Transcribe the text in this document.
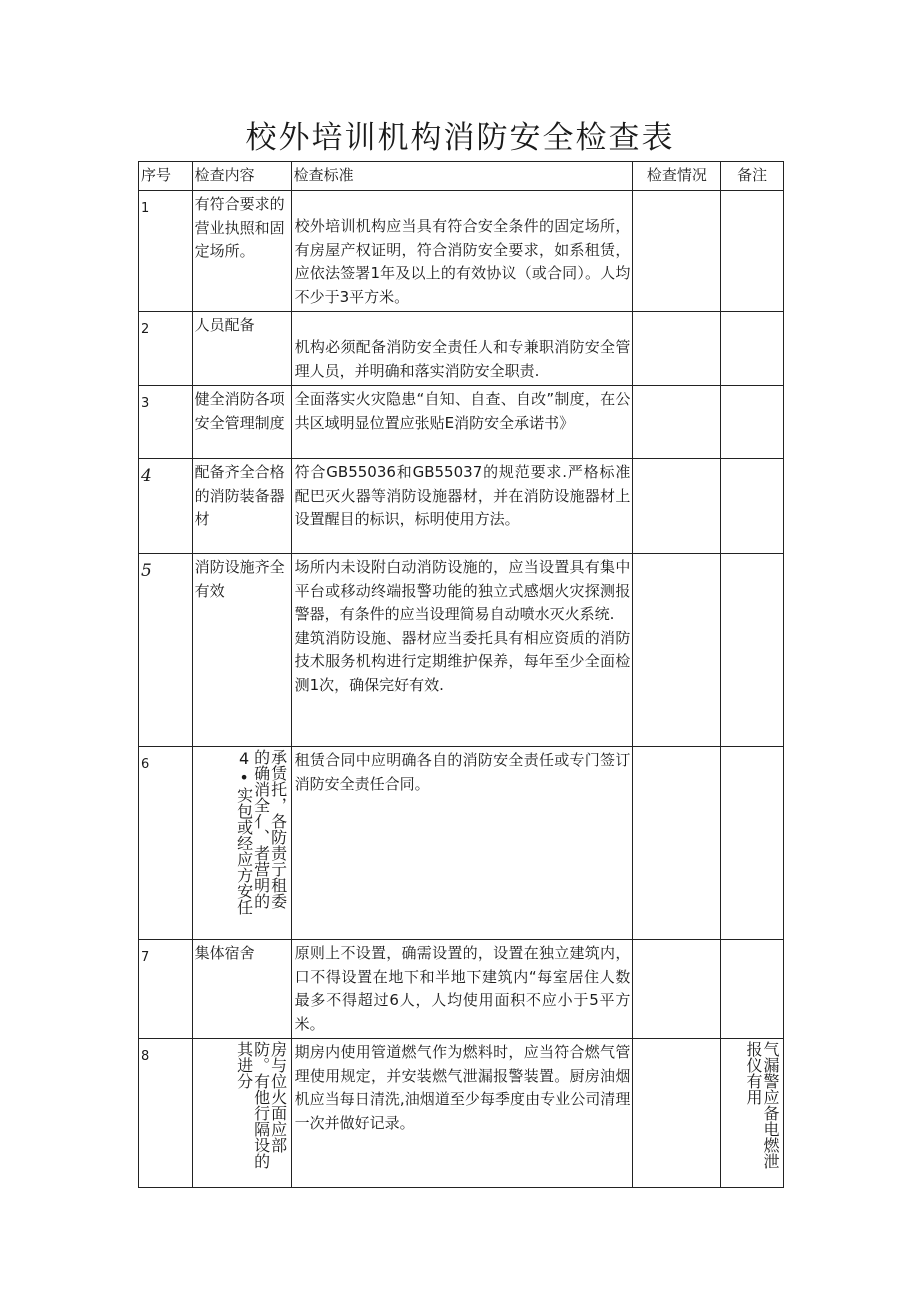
校外培训机构消防安全检查表
序号	检查内容	检查标准	检查情况	备注
1	有符合要求的营业执照和固定场所。	校外培训机构应当具有符合安全条件的固定场所，有房屋产权证明，符合消防安全要求，如系租赁，应依法签署1年及以上的有效协议（或合同）。人均不少于3平方米。		
2	人员配备	机构必须配备消防安全责任人和专兼职消防安全管理人员，并明确和落实消防安全职责.		
3	健全消防各项安全管理制度	全面落实火灾隐患“自知、自查、自改”制度，在公共区域明显位置应张贴E消防安全承诺书》		
4	配备齐全合格的消防装备器材	符合GB55036和GB55037的规范要求.严格标准配巴灭火器等消防设施器材，并在消防设施器材上设置醒目的标识，标明使用方法。		
5	消防设施齐全有效	场所内未设附白动消防设施的，应当设置具有集中平台或移动终端报警功能的独立式感烟火灾探测报警器，有条件的应当设理简易自动喷水灭火系统.
建筑消防设施、器材应当委托具有相应资质的消防技术服务机构进行定期维护保养，每年至少全面检测1次，确保完好有效.		

6	承赁托，各防责亍租委的确消全亻、者营明的4•实包或经应方安任	租赁合同中应明确各自的消防安全责任或专门签订消防安全责任合同。		
7	集体宿舍	原则上不设置，确需设置的，设置在独立建筑内，口不得设置在地下和半地下建筑内“每室居住人数最多不得超过6人，人均使用面积不应小于5平方米。		
8	房与位火面应部防。有他行隔设的其进分	期房内使用管道燃气作为燃料时，应当符合燃气管理使用规定，并安装燃气泄漏报警装置。厨房油烟机应当每日清洗,油烟道至少每季度由专业公司清理一次并做好记录。		气漏警应备电燃泄报仪有用
